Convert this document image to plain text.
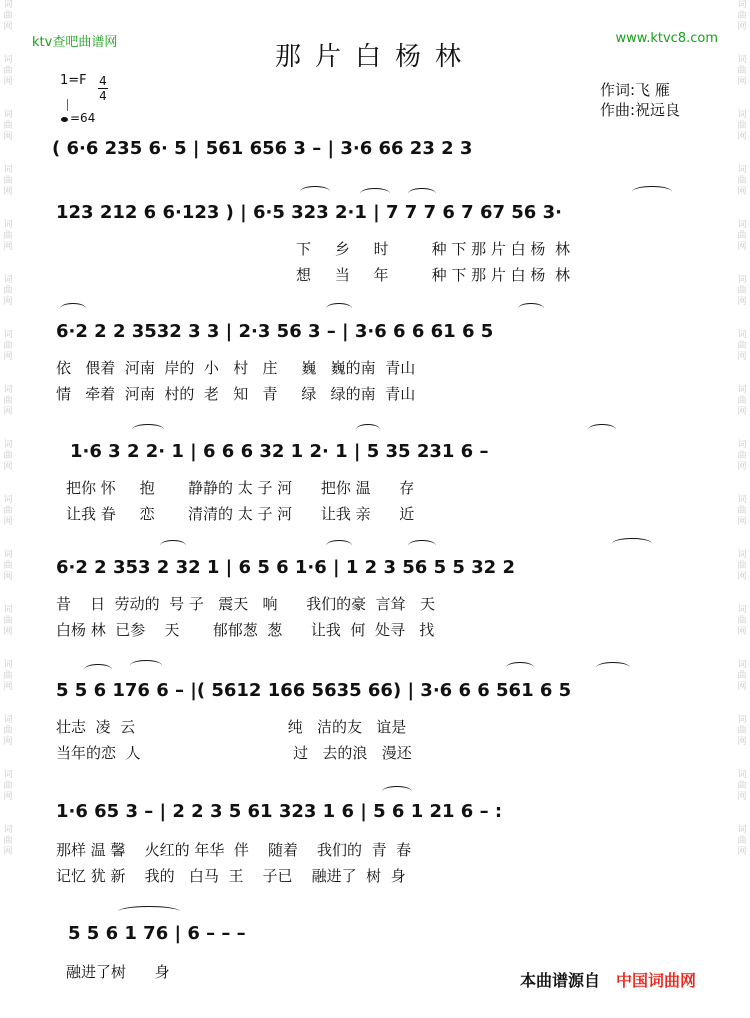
词
曲
网
词
曲
网
词
曲
网
词
曲
网
词
曲
网
词
曲
网
词
曲
网
词
曲
网
词
曲
网
词
曲
网
词
曲
网
词
曲
网
词
曲
网
词
曲
网
词
曲
网
词
曲
网
词
曲
网
词
曲
网
词
曲
网
词
曲
网
词
曲
网
词
曲
网
词
曲
网
词
曲
网
词
曲
网
词
曲
网
词
曲
网
词
曲
网
词
曲
网
词
曲
网
词
曲
网
词
曲
网
ktv查吧曲谱网	www.ktvc8.com
那片白杨林
1=F 4
4
=64
作词:飞 雁
作曲:祝远良
( 6·6 235 6· 5 | 561 656 3 – | 3·6 66 23 2 3
123 212 6 6·123 ) | 6·5 323 2·1 | 7 7 7 6 7 67 56 3·
下     乡     时         种 下 那 片 白 杨  林
想     当     年         种 下 那 片 白 杨  林
6·2 2 2 3532 3 3 | 2·3 56 3 – | 3·6 6 6 61 6 5
依   偎着  河南  岸的  小   村   庄     巍   巍的南  青山
情   牵着  河南  村的  老   知   青     绿   绿的南  青山
1·6 3 2 2· 1 | 6 6 6 32 1 2· 1 | 5 35 231 6 –
把你 怀     抱       静静的 太 子 河      把你 温      存
让我 眷     恋       清清的 太 子 河      让我 亲      近
6·2 2 353 2 32 1 | 6 5 6 1·6 | 1 2 3 56 5 5 32 2
昔    日  劳动的  号 子   震天   响      我们的豪  言耸   天
白杨 林  已参    天       郁郁葱  葱      让我  何  处寻   找
5 5 6 176 6 – |( 5612 166 5635 66) | 3·6 6 6 561 6 5
壮志  凌  云                                纯   洁的友   谊是
当年的恋  人                                过   去的浪   漫还
1·6 65 3 – | 2 2 3 5 61 323 1 6 | 5 6 1 21 6 – :
那样 温 馨    火红的 年华  伴    随着    我们的  青  春
记忆 犹 新    我的   白马  王    子已    融进了  树  身
5 5 6 1 76 | 6 – – –
融进了树      身	本曲谱源自 中国词曲网
